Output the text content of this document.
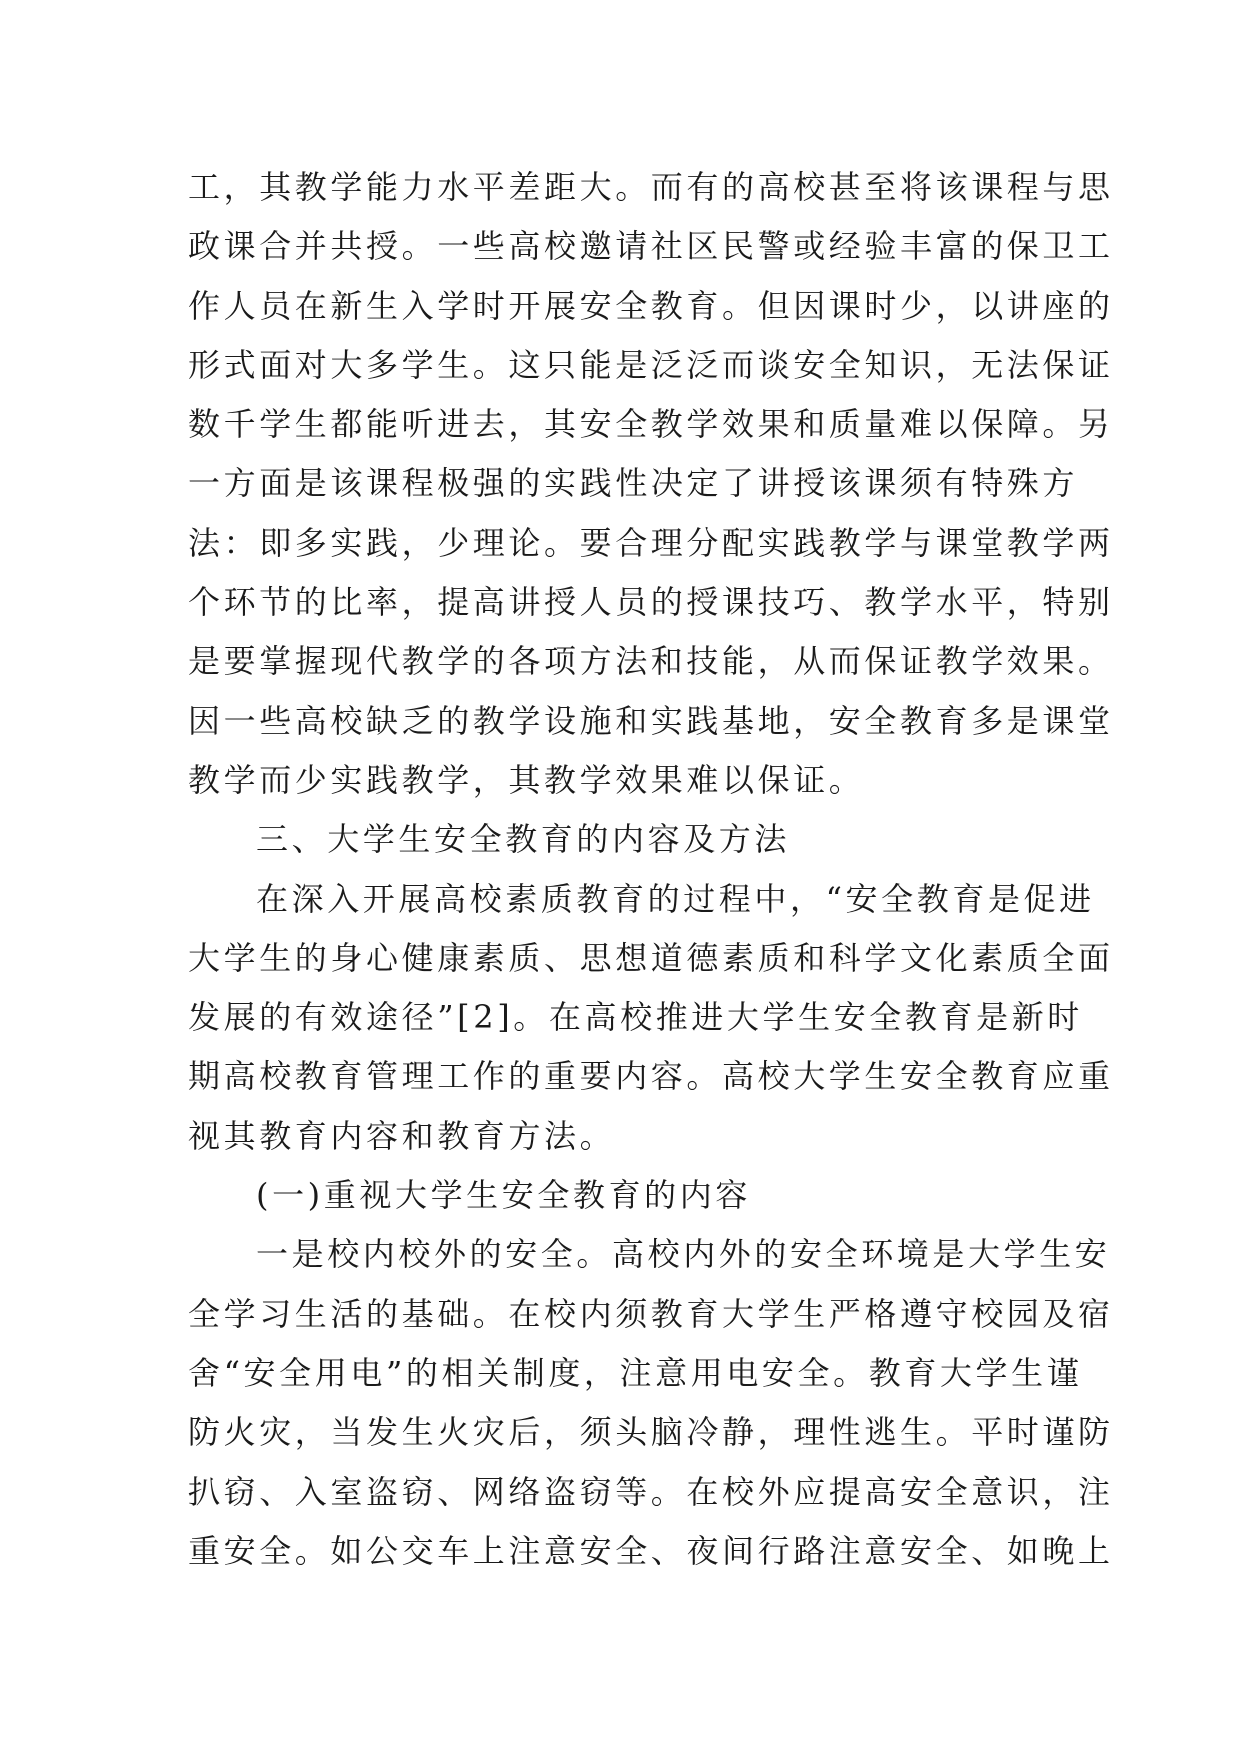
工，其教学能力水平差距大。而有的高校甚至将该课程与思
政课合并共授。一些高校邀请社区民警或经验丰富的保卫工
作人员在新生入学时开展安全教育。但因课时少，以讲座的
形式面对大多学生。这只能是泛泛而谈安全知识，无法保证
数千学生都能听进去，其安全教学效果和质量难以保障。另
一方面是该课程极强的实践性决定了讲授该课须有特殊方
法：即多实践，少理论。要合理分配实践教学与课堂教学两
个环节的比率，提高讲授人员的授课技巧、教学水平，特别
是要掌握现代教学的各项方法和技能，从而保证教学效果。
因一些高校缺乏的教学设施和实践基地，安全教育多是课堂
教学而少实践教学，其教学效果难以保证。
三、大学生安全教育的内容及方法
在深入开展高校素质教育的过程中，“安全教育是促进
大学生的身心健康素质、思想道德素质和科学文化素质全面
发展的有效途径”[2]。在高校推进大学生安全教育是新时
期高校教育管理工作的重要内容。高校大学生安全教育应重
视其教育内容和教育方法。
(一)重视大学生安全教育的内容
一是校内校外的安全。高校内外的安全环境是大学生安
全学习生活的基础。在校内须教育大学生严格遵守校园及宿
舍“安全用电”的相关制度，注意用电安全。教育大学生谨
防火灾，当发生火灾后，须头脑冷静，理性逃生。平时谨防
扒窃、入室盗窃、网络盗窃等。在校外应提高安全意识，注
重安全。如公交车上注意安全、夜间行路注意安全、如晚上
